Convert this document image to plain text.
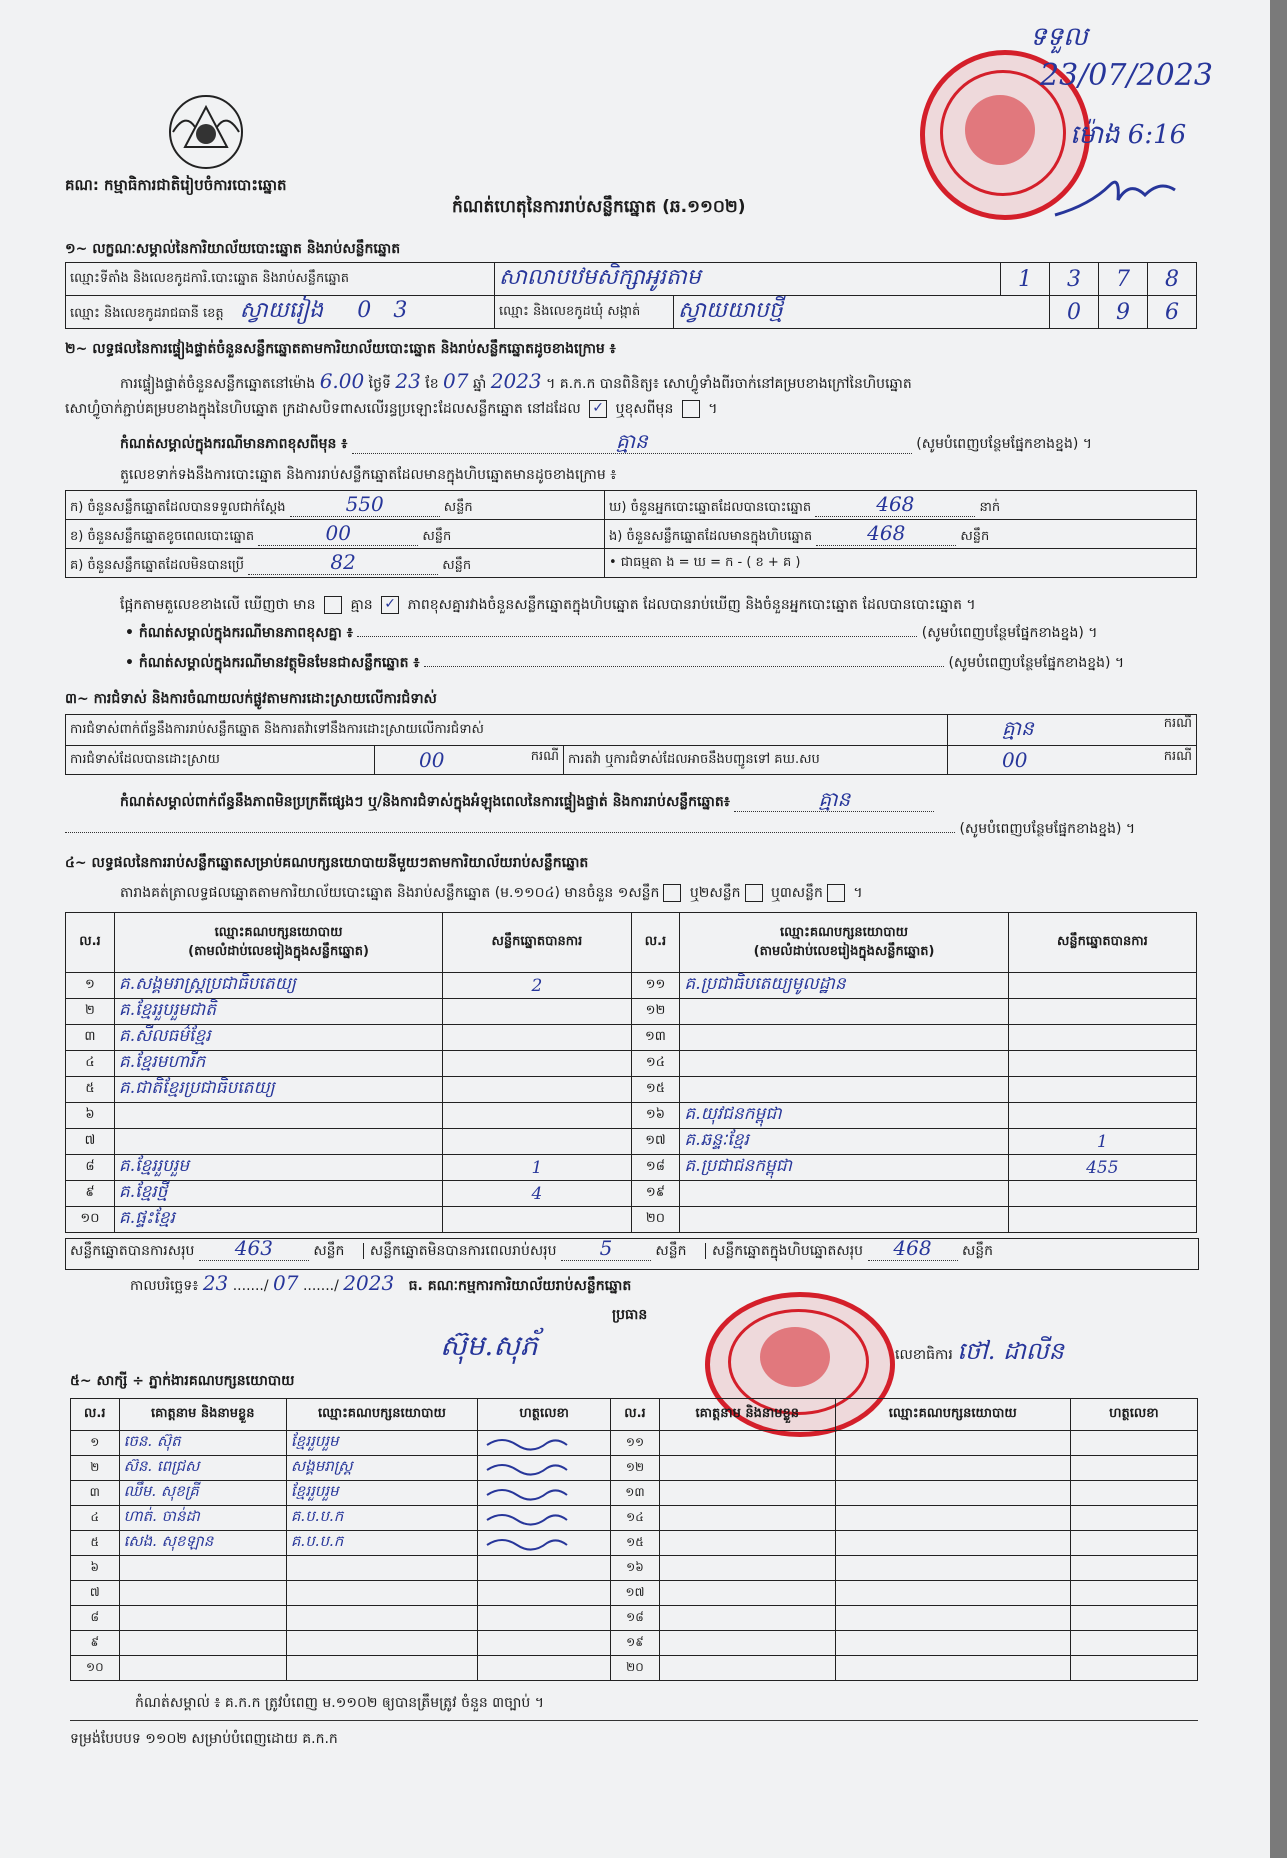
គណ: កម្មាធិការជាតិរៀបចំការបោះឆ្នោត
កំណត់ហេតុនៃការរាប់សន្លឹកឆ្នោត (ឆ.១១០២)
ទទួល
23/07/2023
ម៉ោង 6:16
១~ លក្ខណៈសម្គាល់នៃការិយាល័យបោះឆ្នោត និងរាប់សន្លឹកឆ្នោត
ឈ្មោះទីតាំង និងលេខកូដការិ.បោះឆ្នោត និងរាប់សន្លឹកឆ្នោត	សាលាបឋមសិក្សាអូរតាម		1	3	7	8
ឈ្មោះ និងលេខកូដរាជធានី ខេត្ត ស្វាយរៀង 0 3	ឈ្មោះ និងលេខកូដឃុំ សង្កាត់	ស្វាយយាបថ្មី		0	9	6
២~ លទ្ធផលនៃការផ្ទៀងផ្ទាត់ចំនួនសន្លឹកឆ្នោតតាមការិយាល័យបោះឆ្នោត និងរាប់សន្លឹកឆ្នោតដូចខាងក្រោម ៖
ការផ្ទៀងផ្ទាត់ចំនួនសន្លឹកឆ្នោតនៅម៉ោង 6.00 ថ្ងៃទី 23 ខែ 07 ឆ្នាំ 2023 ។ គ.ក.ក បានពិនិត្យ៖ សោហ្វូំទាំងពីរចាក់នៅគម្របខាងក្រៅនៃហិបឆ្នោត
សោហ្វូំចាក់ភ្ជាប់គម្របខាងក្នុងនៃហិបឆ្នោត ក្រដាសបិទពាសលើរន្ធប្រឡោះដែលសន្លឹកឆ្នោត នៅដដែល ✓ ឬខុសពីមុន  ។
កំណត់សម្គាល់ក្នុងករណីមានភាពខុសពីមុន ៖	គ្មាន	(សូមបំពេញបន្ថែមផ្នែកខាងខ្នង) ។
តួលេខទាក់ទងនឹងការបោះឆ្នោត និងការរាប់សន្លឹកឆ្នោតដែលមានក្នុងហិបឆ្នោតមានដូចខាងក្រោម ៖
ក) ចំនួនសន្លឹកឆ្នោតដែលបានទទួលជាក់ស្ដែង 550 សន្លឹក	ឃ) ចំនួនអ្នកបោះឆ្នោតដែលបានបោះឆ្នោត 468 នាក់
ខ) ចំនួនសន្លឹកឆ្នោតខូចពេលបោះឆ្នោត 00 សន្លឹក	ង) ចំនួនសន្លឹកឆ្នោតដែលមានក្នុងហិបឆ្នោត 468 សន្លឹក
គ) ចំនួនសន្លឹកឆ្នោតដែលមិនបានប្រើ 82 សន្លឹក	• ជាធម្មតា ង = ឃ = ក - ( ខ + គ )
ផ្អែកតាមតួលេខខាងលើ ឃើញថា មាន គ្មាន ✓ ភាពខុសគ្នារវាងចំនួនសន្លឹកឆ្នោតក្នុងហិបឆ្នោត ដែលបានរាប់ឃើញ និងចំនួនអ្នកបោះឆ្នោត ដែលបានបោះឆ្នោត ។
• កំណត់សម្គាល់ក្នុងករណីមានភាពខុសគ្នា ៖	(សូមបំពេញបន្ថែមផ្នែកខាងខ្នង) ។
• កំណត់សម្គាល់ក្នុងករណីមានវត្ថុមិនមែនជាសន្លឹកឆ្នោត ៖	(សូមបំពេញបន្ថែមផ្នែកខាងខ្នង) ។
៣~ ការជំទាស់ និងការចំណាយលក់ផ្លូវតាមការដោះស្រាយលើការជំទាស់
ការជំទាស់ពាក់ព័ន្ធនឹងការរាប់សន្លឹកឆ្នោត និងការតវ៉ាទៅនឹងការដោះស្រាយលើការជំទាស់			គ្មាន ករណី

ការជំទាស់ដែលបានដោះស្រាយ	00 ករណី	ការតវ៉ា ឬការជំទាស់ដែលអាចនឹងបញ្ជូនទៅ គឃ.សប	00 ករណី
កំណត់សម្គាល់ពាក់ព័ន្ធនឹងភាពមិនប្រក្រតីផ្សេងៗ ឬ/និងការជំទាស់ក្នុងអំឡុងពេលនៃការផ្ទៀងផ្ទាត់ និងការរាប់សន្លឹកឆ្នោត៖	គ្មាន
(សូមបំពេញបន្ថែមផ្នែកខាងខ្នង) ។
៤~ លទ្ធផលនៃការរាប់សន្លឹកឆ្នោតសម្រាប់គណបក្សនយោបាយនីមួយៗតាមការិយាល័យរាប់សន្លឹកឆ្នោត
តារាងគត់ត្រាលទ្ធផលឆ្នោតតាមការិយាល័យបោះឆ្នោត និងរាប់សន្លឹកឆ្នោត (ម.១១០៤) មានចំនួន ១សន្លឹក ឬ២សន្លឹក ឬ៣សន្លឹក ។
ល.រ	ឈ្មោះគណបក្សនយោបាយ
(តាមលំដាប់លេខរៀងក្នុងសន្លឹកឆ្នោត)	សន្លឹកឆ្នោតបានការ	ល.រ	ឈ្មោះគណបក្សនយោបាយ
(តាមលំដាប់លេខរៀងក្នុងសន្លឹកឆ្នោត)	សន្លឹកឆ្នោតបានការ
១	គ.សង្គមរាស្ត្រប្រជាធិបតេយ្យ	2	១១	គ.ប្រជាធិបតេយ្យមូលដ្ឋាន	
២	គ.ខ្មែររួបរួមជាតិ		១២		
៣	គ.សីលធម៌ខ្មែរ		១៣		
៤	គ.ខ្មែរមហារីក		១៤		
៥	គ.ជាតិខ្មែរប្រជាធិបតេយ្យ		១៥		
៦			១៦	គ.យុវជនកម្ពុជា	
៧			១៧	គ.ឆន្ទៈខ្មែរ	1
៨	គ.ខ្មែររួបរួម	1	១៨	គ.ប្រជាជនកម្ពុជា	455
៩	គ.ខ្មែរថ្មី	4	១៩		
១០	គ.ផ្ទះខ្មែរ		២០		
សន្លឹកឆ្នោតបានការសរុប 463	សន្លឹក សន្លឹកឆ្នោតមិនបានការពេលរាប់សរុប 5	សន្លឹក សន្លឹកឆ្នោតក្នុងហិបឆ្នោតសរុប 468 សន្លឹក
កាលបរិច្ឆេទ៖ 23 ......./ 07 ......./ 2023 ធ. គណៈកម្មការការិយាល័យរាប់សន្លឹកឆ្នោត
ប្រធាន
ស៊ុម.សុភ័	លេខាធិការ ថៅ. ដាលីន
៥~ សាក្សី ÷ ភ្នាក់ងារគណបក្សនយោបាយ
ល.រ	គោត្តនាម និងនាមខ្លួន	ឈ្មោះគណបក្សនយោបាយ	ហត្ថលេខា	ល.រ	គោត្តនាម និងនាមខ្លួន	ឈ្មោះគណបក្សនយោបាយ	ហត្ថលេខា
១	ចេន. ស៊ុត	ខ្មែររួបរួម		១១			
២	ស៊ន. ពេជ្រស	សង្គមរាស្ត្រ		១២			
៣	ឈឹម. សុខគ្រី	ខ្មែររួបរួម		១៣			
៤	ហាត់. ចាន់ដា	គ.ប.ប.ក		១៤			
៥	សេង. សុខឡាន	គ.ប.ប.ក		១៥			
៦				១៦			
៧				១៧			
៨				១៨			
៩				១៩			
១០				២០			
កំណត់សម្គាល់ ៖ គ.ក.ក ត្រូវបំពេញ ម.១១០២ ឲ្យបានត្រឹមត្រូវ ចំនួន ៣ច្បាប់ ។
ទម្រង់បែបបទ ១១០២ សម្រាប់បំពេញដោយ គ.ក.ក
